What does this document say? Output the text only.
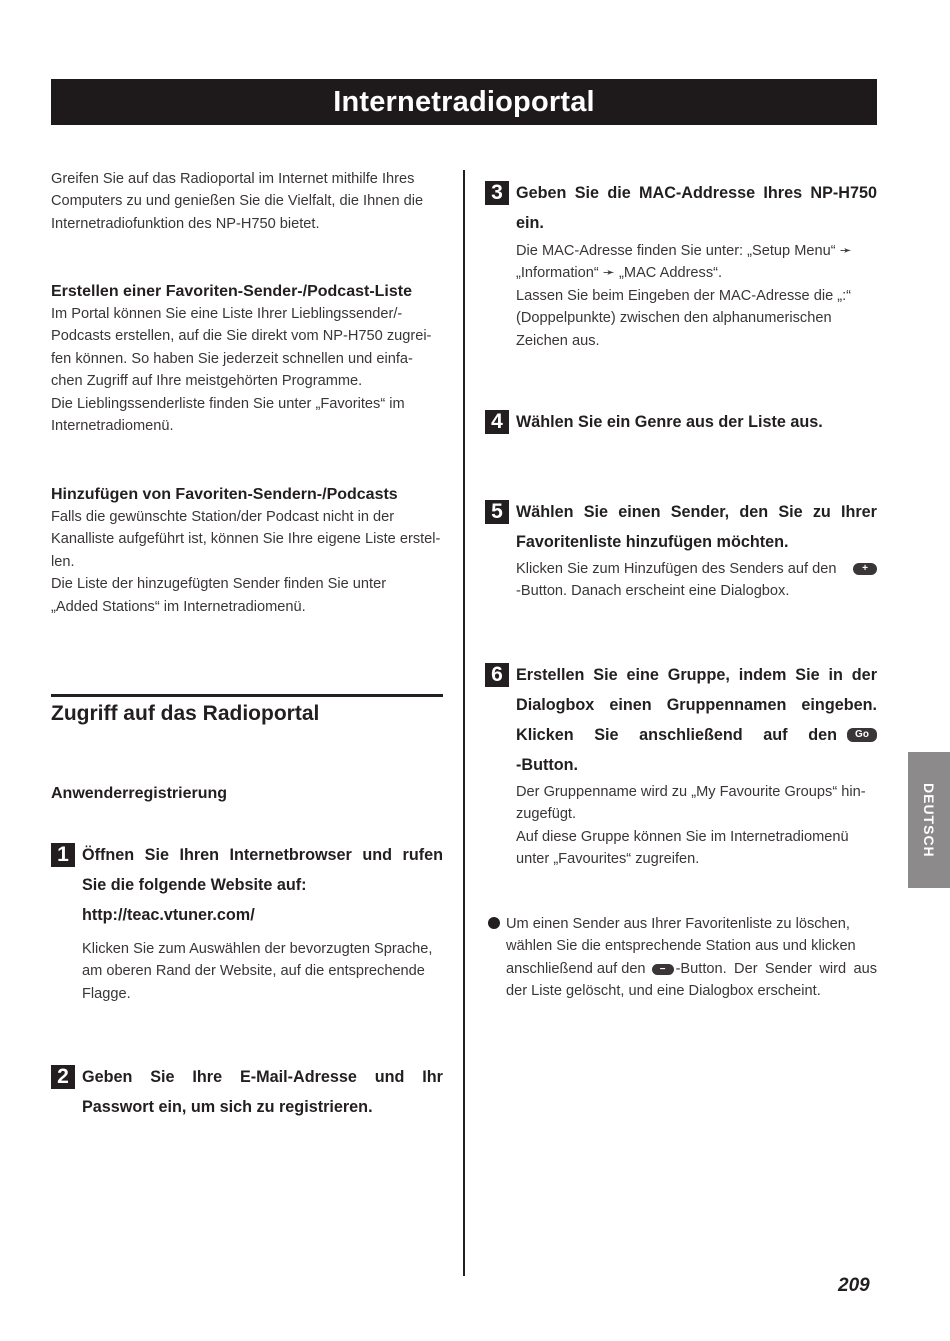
Internetradioportal
Greifen Sie auf das Radioportal im Internet mithilfe Ihres
Computers zu und genießen Sie die Vielfalt, die Ihnen die
Internetradiofunktion des NP-H750 bietet.
Erstellen einer Favoriten-Sender-/Podcast-Liste
Im Portal können Sie eine Liste Ihrer Lieblingssender/-
Podcasts erstellen, auf die Sie direkt vom NP-H750 zugrei-
fen können. So haben Sie jederzeit schnellen und einfa-
chen Zugriff auf Ihre meistgehörten Programme.
Die Lieblingssenderliste finden Sie unter „Favorites“ im
Internetradiomenü.
Hinzufügen von Favoriten-Sendern-/Podcasts
Falls die gewünschte Station/der Podcast nicht in der
Kanalliste aufgeführt ist, können Sie Ihre eigene Liste erstel-
len.
Die Liste der hinzugefügten Sender finden Sie unter
„Added Stations“ im Internetradiomenü.
Zugriff auf das Radioportal
Anwenderregistrierung
1 Öffnen Sie Ihren Internetbrowser und rufen
Sie die folgende Website auf:
http://teac.vtuner.com/
Klicken Sie zum Auswählen der bevorzugten Sprache,
am oberen Rand der Website, auf die entsprechende
Flagge.
2 Geben Sie Ihre E-Mail-Adresse und Ihr
Passwort ein, um sich zu registrieren.
3 Geben Sie die MAC-Addresse Ihres NP-H750
ein.
Die MAC-Adresse finden Sie unter: „Setup Menu“ ➛
„Information“ ➛ „MAC Address“.
Lassen Sie beim Eingeben der MAC-Adresse die „:“
(Doppelpunkte) zwischen den alphanumerischen
Zeichen aus.
4 Wählen Sie ein Genre aus der Liste aus.
5 Wählen Sie einen Sender, den Sie zu Ihrer
Favoritenliste hinzufügen möchten.
Klicken Sie zum Hinzufügen des Senders auf den	+
-Button. Danach erscheint eine Dialogbox.
6 Erstellen Sie eine Gruppe, indem Sie in der
Dialogbox einen Gruppennamen eingeben.
Klicken Sie anschließend auf den	Go
-Button.
Der Gruppenname wird zu „My Favourite Groups“ hin-
zugefügt.
Auf diese Gruppe können Sie im Internetradiomenü
unter „Favourites“ zugreifen.
Um einen Sender aus Ihrer Favoritenliste zu löschen,
wählen Sie die entsprechende Station aus und klicken
anschließend auf den	− -Button. Der Sender wird aus
der Liste gelöscht, und eine Dialogbox erscheint.
DEUTSCH
209
